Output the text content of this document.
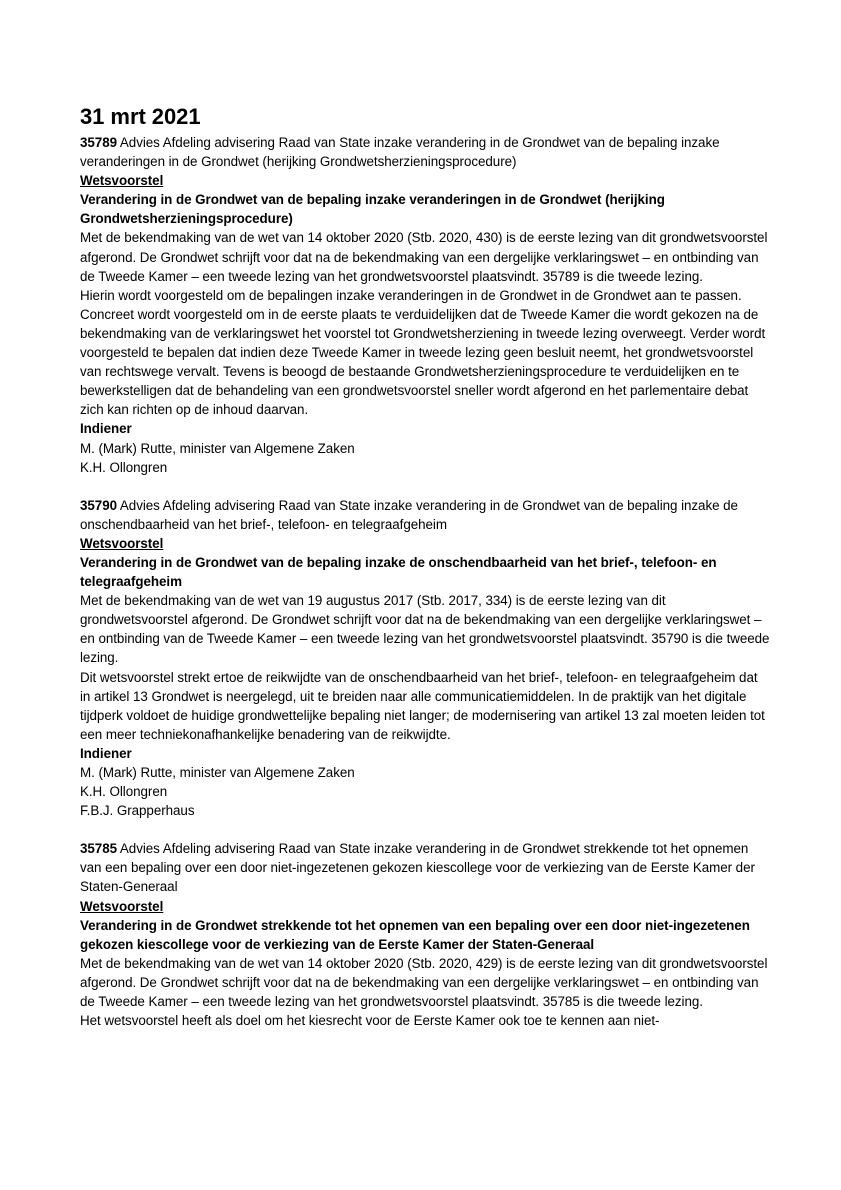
31 mrt 2021

35789 Advies Afdeling advisering Raad van State inzake verandering in de Grondwet van de bepaling inzake veranderingen in de Grondwet (herijking Grondwetsherzieningsprocedure)

Wetsvoorstel

Verandering in de Grondwet van de bepaling inzake veranderingen in de Grondwet (herijking Grondwetsherzieningsprocedure)

Met de bekendmaking van de wet van 14 oktober 2020 (Stb. 2020, 430) is de eerste lezing van dit grondwetsvoorstel afgerond. De Grondwet schrijft voor dat na de bekendmaking van een dergelijke verklaringswet – en ontbinding van de Tweede Kamer – een tweede lezing van het grondwetsvoorstel plaatsvindt. 35789 is die tweede lezing.

Hierin wordt voorgesteld om de bepalingen inzake veranderingen in de Grondwet in de Grondwet aan te passen. Concreet wordt voorgesteld om in de eerste plaats te verduidelijken dat de Tweede Kamer die wordt gekozen na de bekendmaking van de verklaringswet het voorstel tot Grondwetsherziening in tweede lezing overweegt. Verder wordt voorgesteld te bepalen dat indien deze Tweede Kamer in tweede lezing geen besluit neemt, het grondwetsvoorstel van rechtswege vervalt. Tevens is beoogd de bestaande Grondwetsherzieningsprocedure te verduidelijken en te bewerkstelligen dat de behandeling van een grondwetsvoorstel sneller wordt afgerond en het parlementaire debat zich kan richten op de inhoud daarvan.

Indiener

M. (Mark) Rutte, minister van Algemene Zaken

K.H. Ollongren

35790 Advies Afdeling advisering Raad van State inzake verandering in de Grondwet van de bepaling inzake de onschendbaarheid van het brief-, telefoon- en telegraafgeheim

Wetsvoorstel

Verandering in de Grondwet van de bepaling inzake de onschendbaarheid van het brief-, telefoon- en telegraafgeheim

Met de bekendmaking van de wet van 19 augustus 2017 (Stb. 2017, 334) is de eerste lezing van dit grondwetsvoorstel afgerond. De Grondwet schrijft voor dat na de bekendmaking van een dergelijke verklaringswet – en ontbinding van de Tweede Kamer – een tweede lezing van het grondwetsvoorstel plaatsvindt. 35790 is die tweede lezing.

Dit wetsvoorstel strekt ertoe de reikwijdte van de onschendbaarheid van het brief-, telefoon- en telegraafgeheim dat in artikel 13 Grondwet is neergelegd, uit te breiden naar alle communicatiemiddelen. In de praktijk van het digitale tijdperk voldoet de huidige grondwettelijke bepaling niet langer; de modernisering van artikel 13 zal moeten leiden tot een meer techniekonafhankelijke benadering van de reikwijdte.

Indiener

M. (Mark) Rutte, minister van Algemene Zaken

K.H. Ollongren

F.B.J. Grapperhaus

35785 Advies Afdeling advisering Raad van State inzake verandering in de Grondwet strekkende tot het opnemen van een bepaling over een door niet-ingezetenen gekozen kiescollege voor de verkiezing van de Eerste Kamer der Staten-Generaal

Wetsvoorstel

Verandering in de Grondwet strekkende tot het opnemen van een bepaling over een door niet-ingezetenen gekozen kiescollege voor de verkiezing van de Eerste Kamer der Staten-Generaal

Met de bekendmaking van de wet van 14 oktober 2020 (Stb. 2020, 429) is de eerste lezing van dit grondwetsvoorstel afgerond. De Grondwet schrijft voor dat na de bekendmaking van een dergelijke verklaringswet – en ontbinding van de Tweede Kamer – een tweede lezing van het grondwetsvoorstel plaatsvindt. 35785 is die tweede lezing.

Het wetsvoorstel heeft als doel om het kiesrecht voor de Eerste Kamer ook toe te kennen aan niet-
